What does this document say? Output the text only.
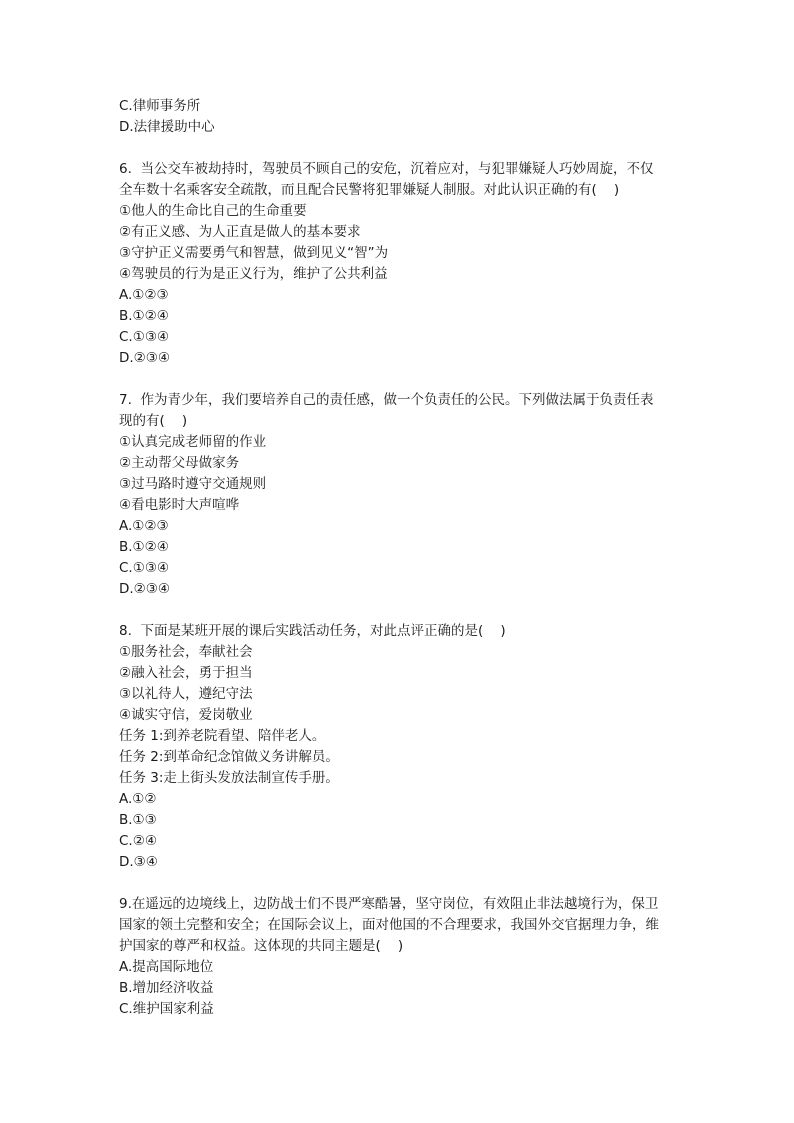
C.律师事务所
D.法律援助中心
6.  当公交车被劫持时，驾驶员不顾自己的安危，沉着应对，与犯罪嫌疑人巧妙周旋，不仅
全车数十名乘客安全疏散，而且配合民警将犯罪嫌疑人制服。对此认识正确的有(    )
①他人的生命比自己的生命重要
②有正义感、为人正直是做人的基本要求
③守护正义需要勇气和智慧，做到见义“智”为
④驾驶员的行为是正义行为，维护了公共利益
A.①②③
B.①②④
C.①③④
D.②③④
7.  作为青少年，我们要培养自己的责任感，做一个负责任的公民。下列做法属于负责任表
现的有(    )
①认真完成老师留的作业
②主动帮父母做家务
③过马路时遵守交通规则
④看电影时大声喧哗
A.①②③
B.①②④
C.①③④
D.②③④
8.  下面是某班开展的课后实践活动任务，对此点评正确的是(    )
①服务社会，奉献社会
②融入社会，勇于担当
③以礼待人，遵纪守法
④诚实守信，爱岗敬业
任务 1:到养老院看望、陪伴老人。
任务 2:到革命纪念馆做义务讲解员。
任务 3:走上街头发放法制宣传手册。
A.①②
B.①③
C.②④
D.③④
9.在遥远的边境线上，边防战士们不畏严寒酷暑，坚守岗位，有效阻止非法越境行为，保卫
国家的领土完整和安全；在国际会议上，面对他国的不合理要求，我国外交官据理力争，维
护国家的尊严和权益。这体现的共同主题是(    )
A.提高国际地位
B.增加经济收益
C.维护国家利益
